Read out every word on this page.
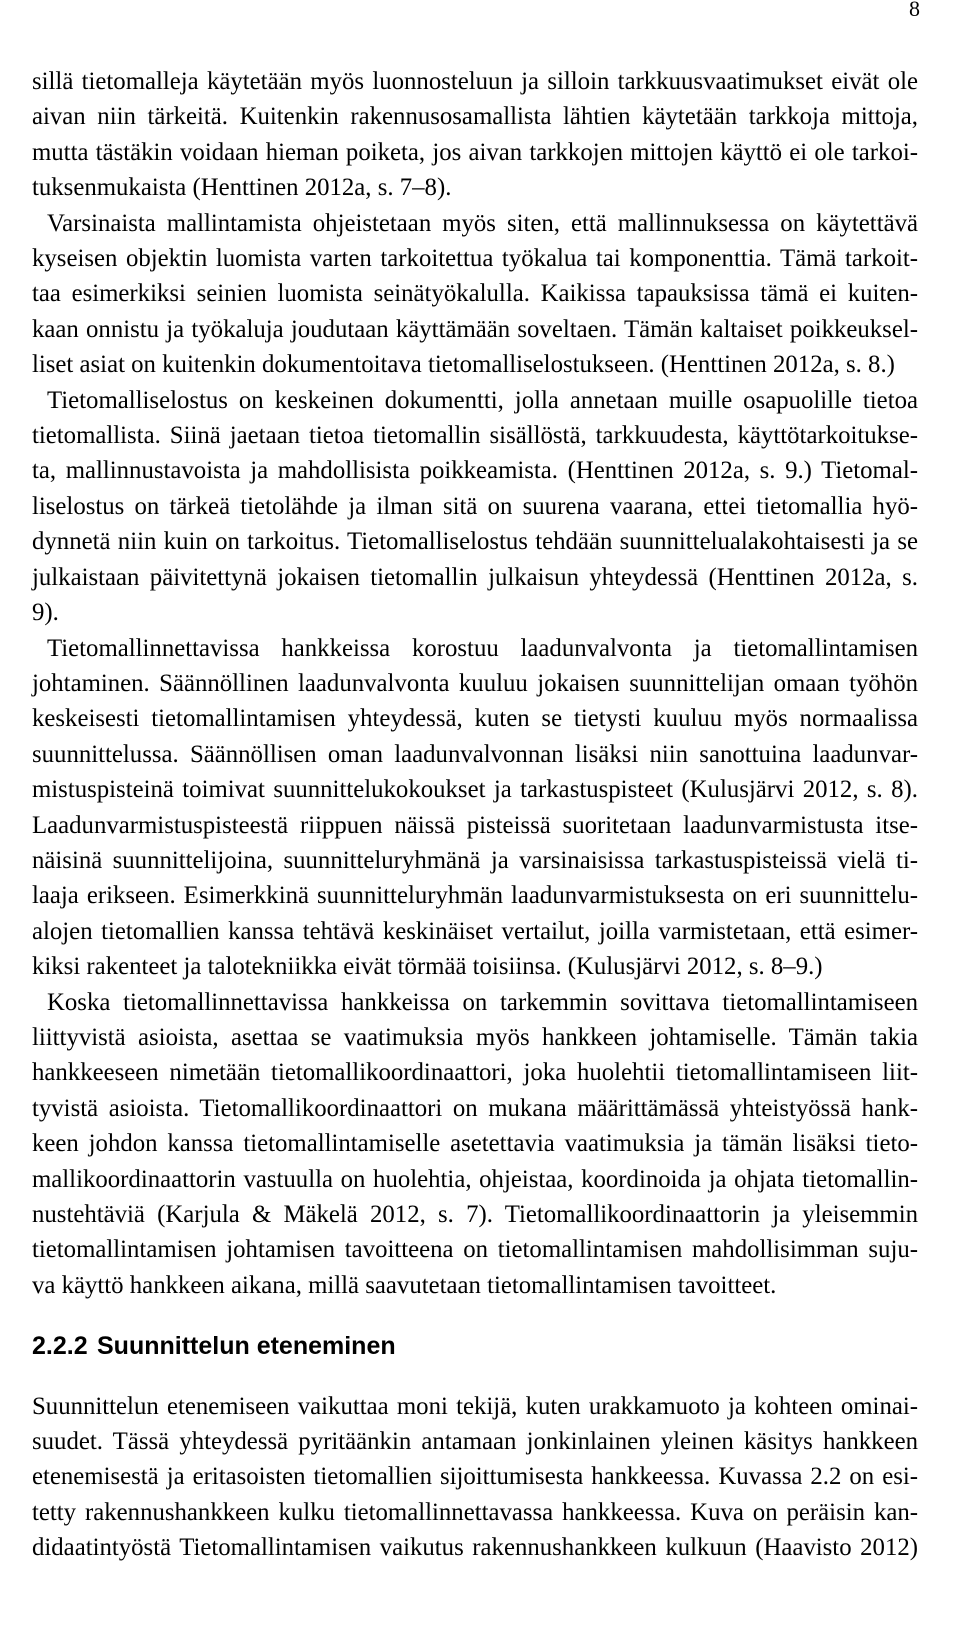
8
sillä tietomalleja käytetään myös luonnosteluun ja silloin tarkkuusvaatimukset eivät ole
aivan niin tärkeitä. Kuitenkin rakennusosamallista lähtien käytetään tarkkoja mittoja,
mutta tästäkin voidaan hieman poiketa, jos aivan tarkkojen mittojen käyttö ei ole tarkoi-
tuksenmukaista (Henttinen 2012a, s. 7–8).
Varsinaista mallintamista ohjeistetaan myös siten, että mallinnuksessa on käytettävä
kyseisen objektin luomista varten tarkoitettua työkalua tai komponenttia. Tämä tarkoit-
taa esimerkiksi seinien luomista seinätyökalulla. Kaikissa tapauksissa tämä ei kuiten-
kaan onnistu ja työkaluja joudutaan käyttämään soveltaen. Tämän kaltaiset poikkeuksel-
liset asiat on kuitenkin dokumentoitava tietomalliselostukseen. (Henttinen 2012a, s. 8.)
Tietomalliselostus on keskeinen dokumentti, jolla annetaan muille osapuolille tietoa
tietomallista. Siinä jaetaan tietoa tietomallin sisällöstä, tarkkuudesta, käyttötarkoitukse-
ta, mallinnustavoista ja mahdollisista poikkeamista. (Henttinen 2012a, s. 9.) Tietomal-
liselostus on tärkeä tietolähde ja ilman sitä on suurena vaarana, ettei tietomallia hyö-
dynnetä niin kuin on tarkoitus. Tietomalliselostus tehdään suunnittelualakohtaisesti ja se
julkaistaan päivitettynä jokaisen tietomallin julkaisun yhteydessä (Henttinen 2012a, s.
9).
Tietomallinnettavissa hankkeissa korostuu laadunvalvonta ja tietomallintamisen
johtaminen. Säännöllinen laadunvalvonta kuuluu jokaisen suunnittelijan omaan työhön
keskeisesti tietomallintamisen yhteydessä, kuten se tietysti kuuluu myös normaalissa
suunnittelussa. Säännöllisen oman laadunvalvonnan lisäksi niin sanottuina laadunvar-
mistuspisteinä toimivat suunnittelukokoukset ja tarkastuspisteet (Kulusjärvi 2012, s. 8).
Laadunvarmistuspisteestä riippuen näissä pisteissä suoritetaan laadunvarmistusta itse-
näisinä suunnittelijoina, suunnitteluryhmänä ja varsinaisissa tarkastuspisteissä vielä ti-
laaja erikseen. Esimerkkinä suunnitteluryhmän laadunvarmistuksesta on eri suunnittelu-
alojen tietomallien kanssa tehtävä keskinäiset vertailut, joilla varmistetaan, että esimer-
kiksi rakenteet ja talotekniikka eivät törmää toisiinsa. (Kulusjärvi 2012, s. 8–9.)
Koska tietomallinnettavissa hankkeissa on tarkemmin sovittava tietomallintamiseen
liittyvistä asioista, asettaa se vaatimuksia myös hankkeen johtamiselle. Tämän takia
hankkeeseen nimetään tietomallikoordinaattori, joka huolehtii tietomallintamiseen liit-
tyvistä asioista. Tietomallikoordinaattori on mukana määrittämässä yhteistyössä hank-
keen johdon kanssa tietomallintamiselle asetettavia vaatimuksia ja tämän lisäksi tieto-
mallikoordinaattorin vastuulla on huolehtia, ohjeistaa, koordinoida ja ohjata tietomallin-
nustehtäviä (Karjula & Mäkelä 2012, s. 7). Tietomallikoordinaattorin ja yleisemmin
tietomallintamisen johtamisen tavoitteena on tietomallintamisen mahdollisimman suju-
va käyttö hankkeen aikana, millä saavutetaan tietomallintamisen tavoitteet.
2.2.2 Suunnittelun eteneminen
Suunnittelun etenemiseen vaikuttaa moni tekijä, kuten urakkamuoto ja kohteen ominai-
suudet. Tässä yhteydessä pyritäänkin antamaan jonkinlainen yleinen käsitys hankkeen
etenemisestä ja eritasoisten tietomallien sijoittumisesta hankkeessa. Kuvassa 2.2 on esi-
tetty rakennushankkeen kulku tietomallinnettavassa hankkeessa. Kuva on peräisin kan-
didaatintyöstä Tietomallintamisen vaikutus rakennushankkeen kulkuun (Haavisto 2012)
